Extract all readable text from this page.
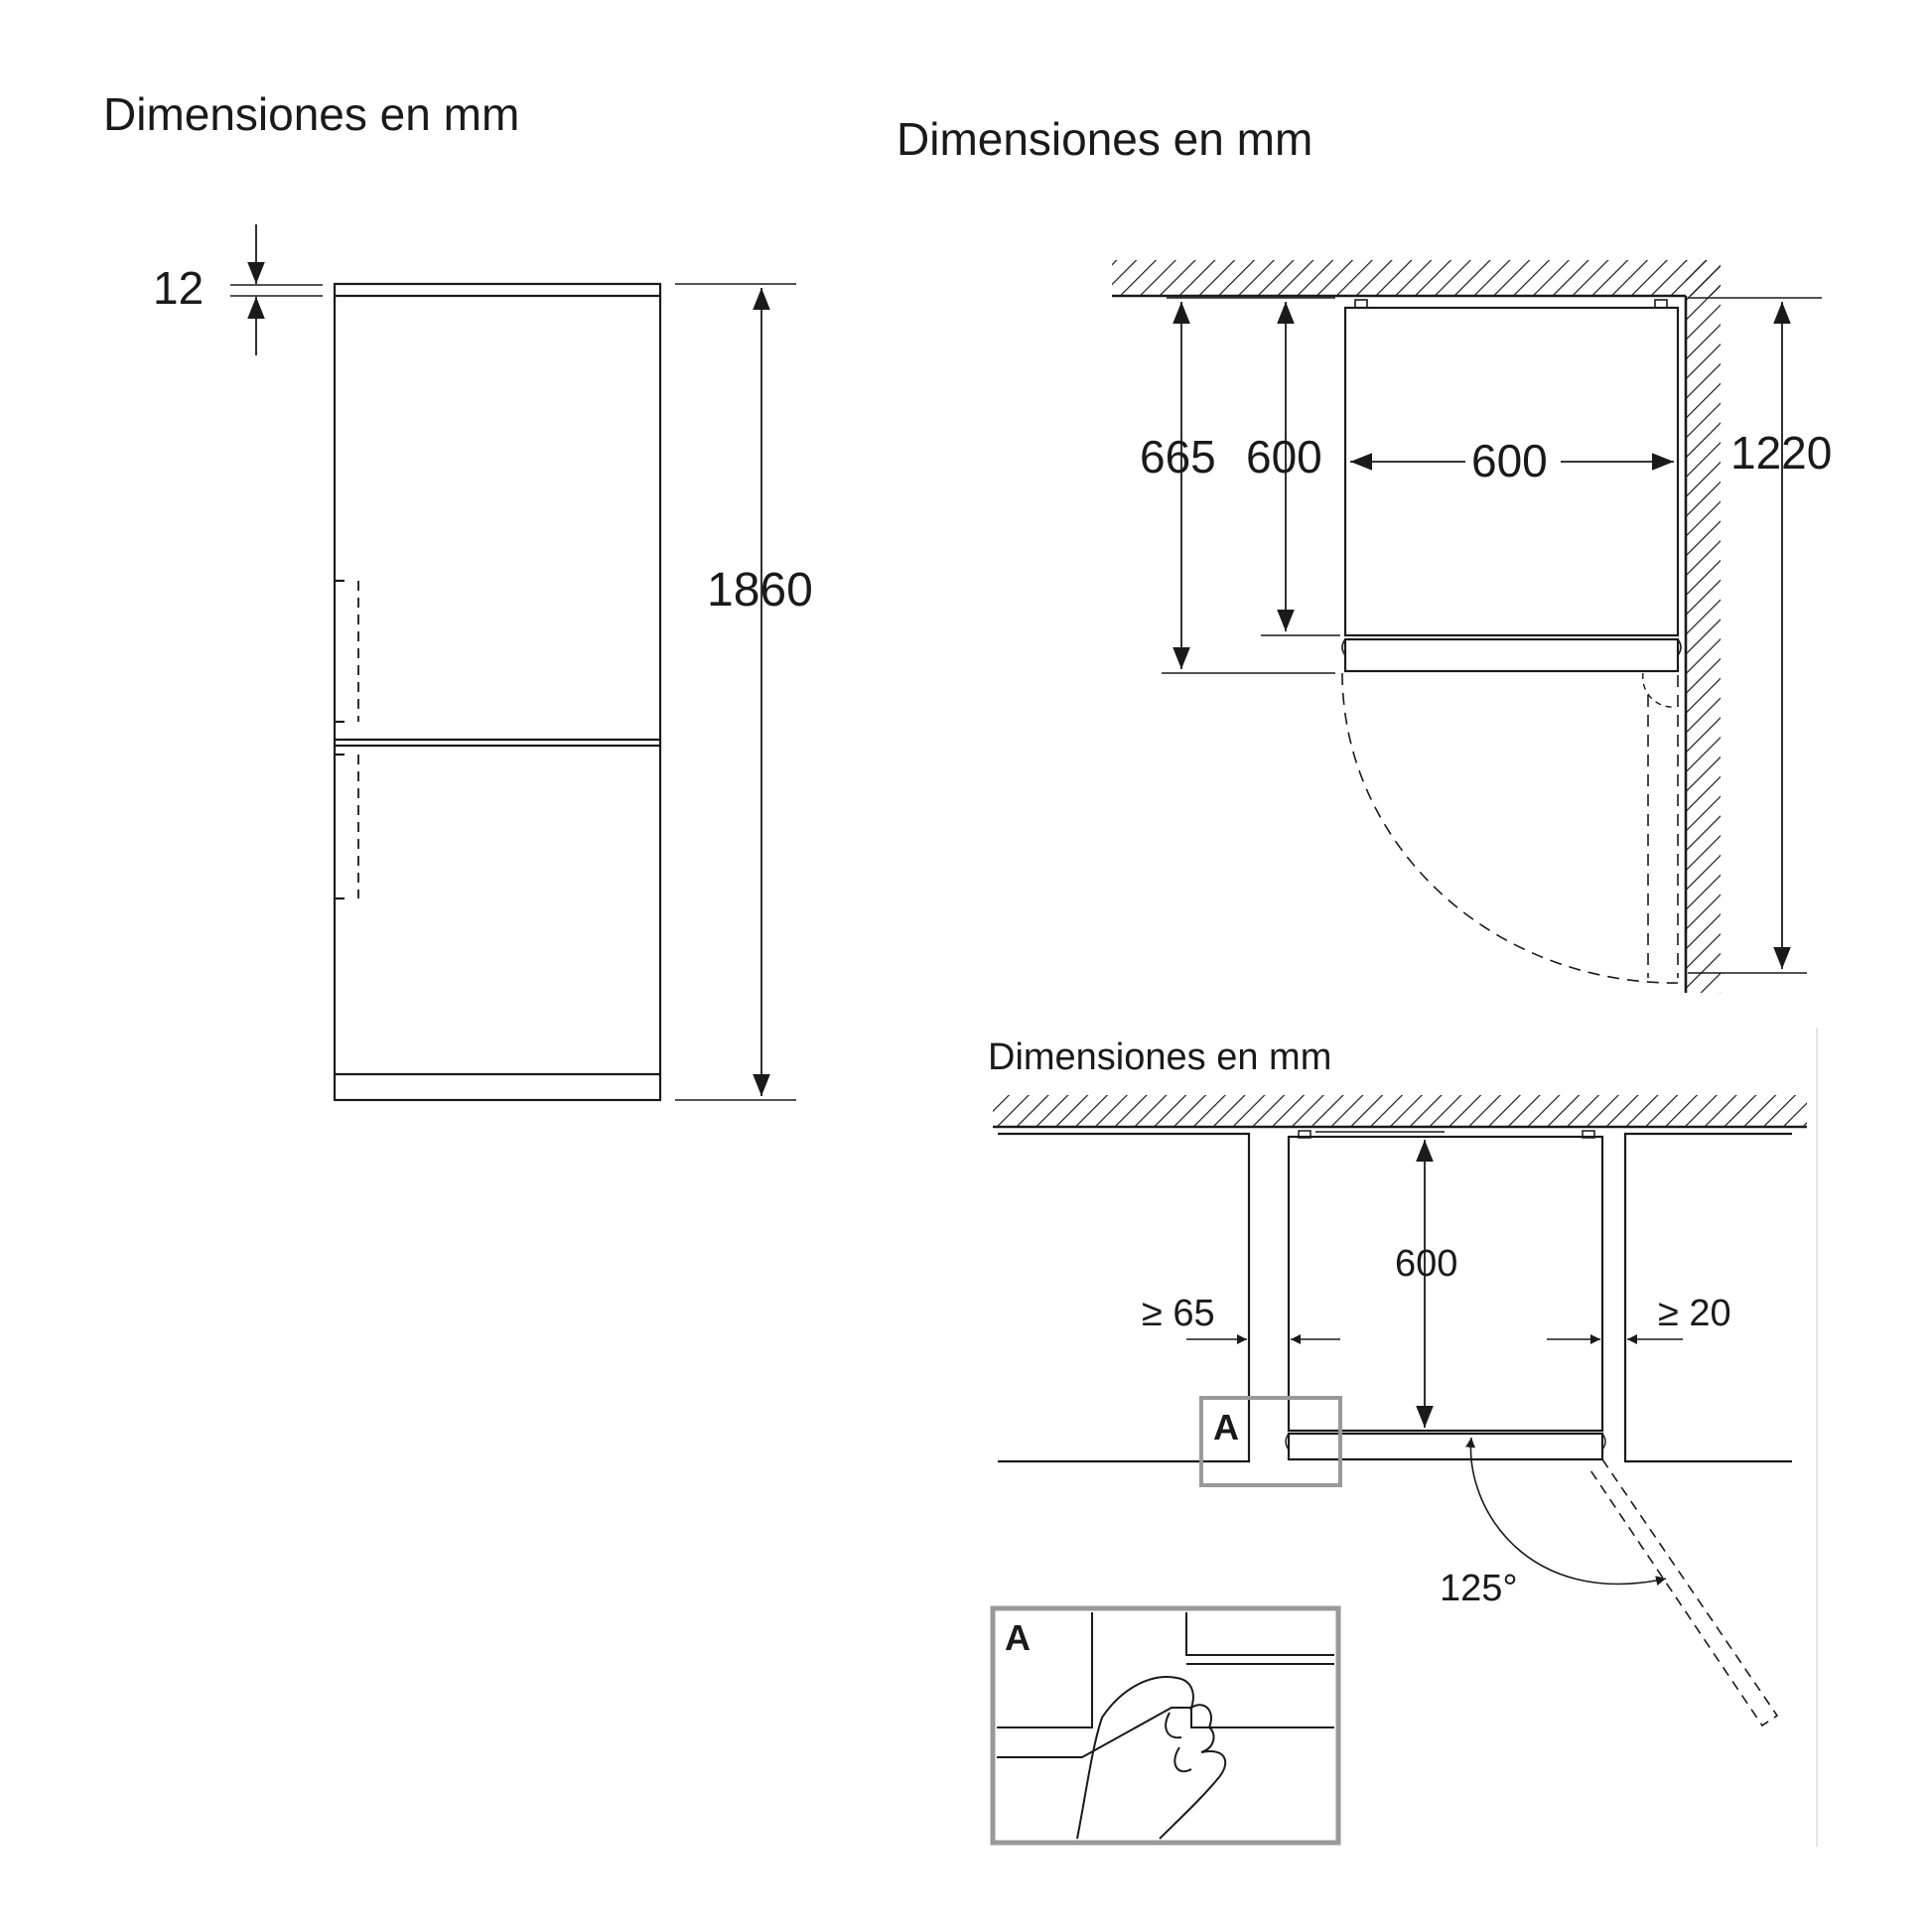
Dimensiones en mm	Dimensiones en mm
Dimensiones en mm
12
1860
665 600	600	1220
600
≥ 65	≥ 20
125°
A
A
